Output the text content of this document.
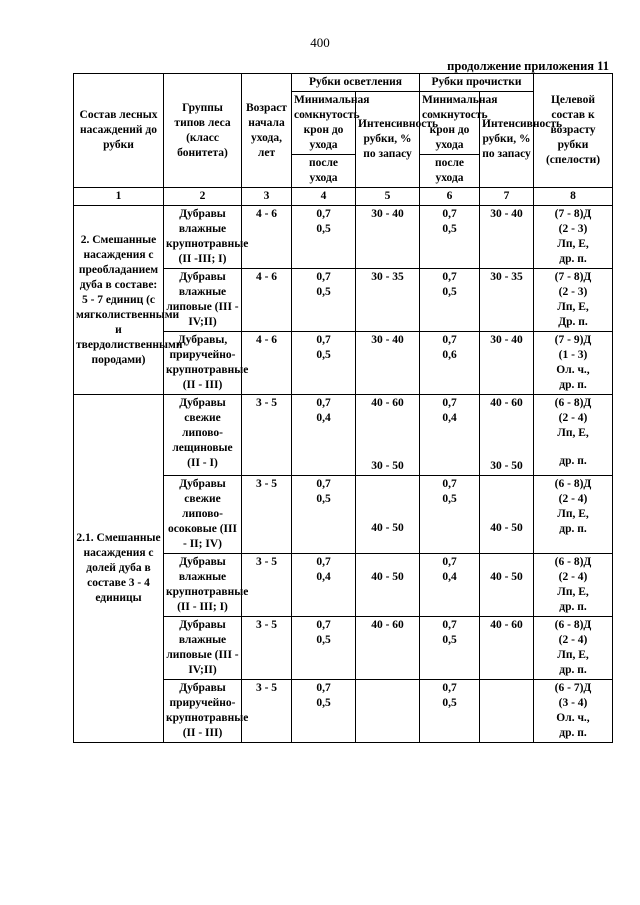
400
продолжение приложения 11
Состав лесных насаждений до рубки	Группы типов леса (класс бонитета)	Возраст начала ухода, лет	Рубки осветления		Рубки прочистки		Целевой состав к возрасту рубки (спелости)
			Минимальная сомкнутость крон до ухода	Интенсивность рубки, % по запасу	Минимальная сомкнутость крон до ухода	Интенсивность рубки, % по запасу	
			после ухода		после ухода		
1	2	3	4	5	6	7	8
2. Смешанные насаждения с преобладанием дуба в составе: 5 - 7 единиц (с мягколиственными и твердолиственными породами)	Дубравы влажные крупнотравные (II -III; I)	4 - 6	0,7
0,5	30 - 40	0,7
0,5	30 - 40	(7 - 8)Д
(2 - 3)
Лп, Е,
др. п.

	Дубравы влажные липовые (III - IV;II)	4 - 6	0,7
0,5	30 - 35	0,7
0,5	30 - 35	(7 - 8)Д
(2 - 3)
Лп, Е,
Др. п.

	Дубравы, приручейно-крупнотравные (II - III)	4 - 6	0,7
0,5	30 - 40	0,7
0,6	30 - 40	(7 - 9)Д
(1 - 3)
Ол. ч.,
др. п.

2.1. Смешанные насаждения с долей дуба в составе 3 - 4 единицы	Дубравы свежие липово-лещиновые (II - I)	3 - 5	0,7
0,4	40 - 60
30 - 50	0,7
0,4	40 - 60
30 - 50	(6 - 8)Д
(2 - 4)
Лп, Е,
др. п.

	Дубравы свежие липово-осоковые (III - II; IV)	3 - 5	0,7
0,5	40 - 50	0,7
0,5	40 - 50	(6 - 8)Д
(2 - 4)
Лп, Е,
др. п.

	Дубравы влажные крупнотравные (II - III; I)	3 - 5	0,7
0,4	40 - 50	0,7
0,4	40 - 50	(6 - 8)Д
(2 - 4)
Лп, Е,
др. п.

	Дубравы влажные липовые (III - IV;II)	3 - 5	0,7
0,5	40 - 60	0,7
0,5	40 - 60	(6 - 8)Д
(2 - 4)
Лп, Е,
др. п.

	Дубравы приручейно-крупнотравные (II - III)	3 - 5	0,7
0,5		0,7
0,5		(6 - 7)Д
(3 - 4)
Ол. ч.,
др. п.
